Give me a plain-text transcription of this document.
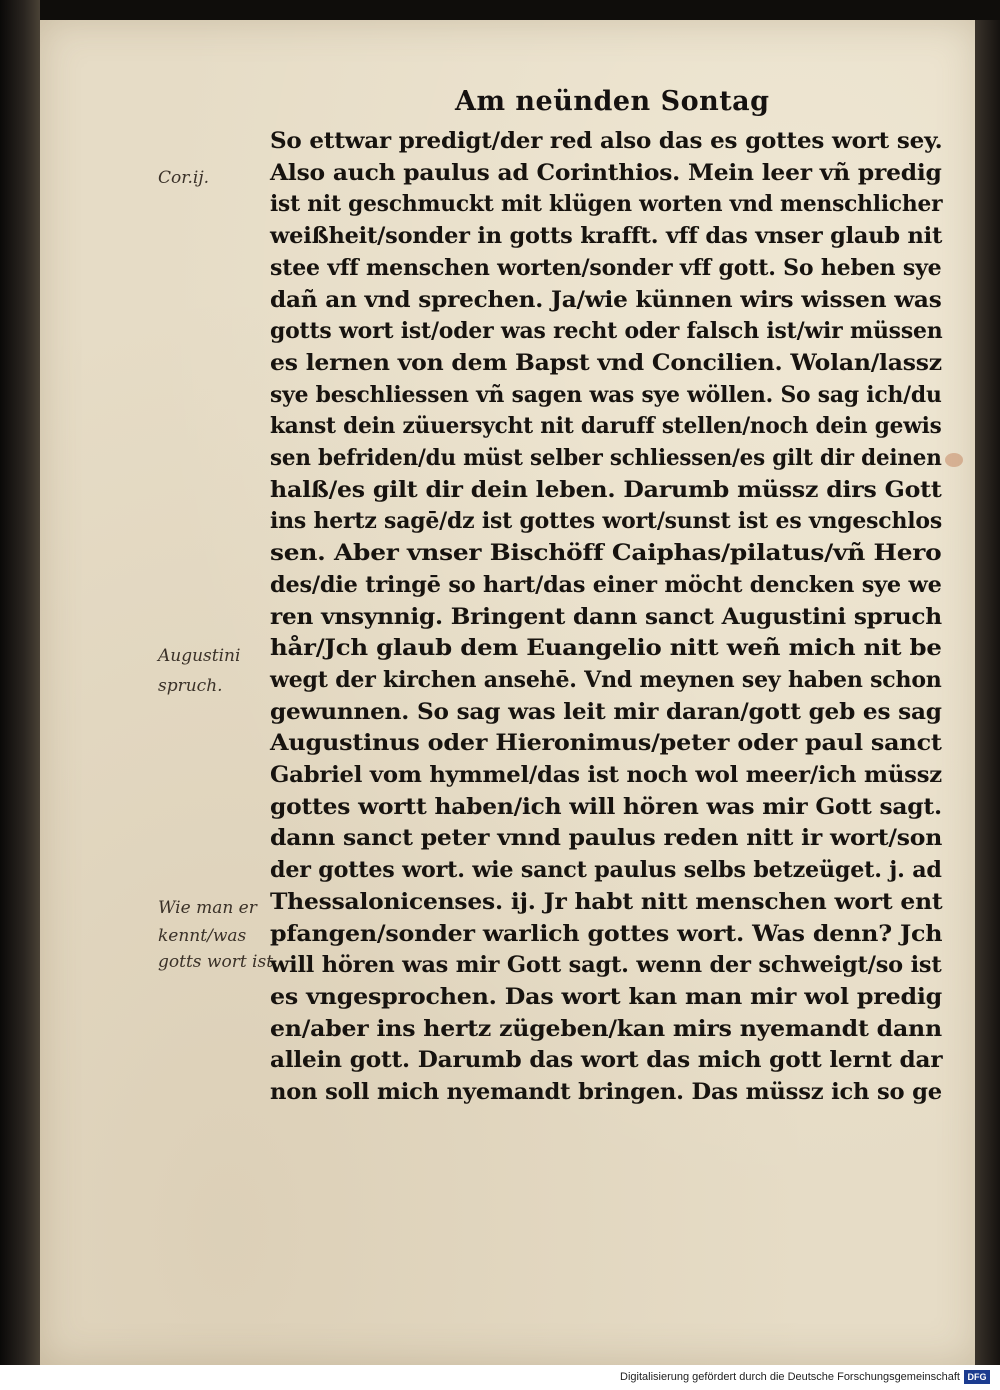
Am neünden Sontag
So ettwar predigt/der red also das es gottes wort sey.
Also auch paulus ad Corinthios. Mein leer vñ predig
ist nit geschmuckt mit klügen worten vnd menschlicher
weißheit/sonder in gotts krafft. vff das vnser glaub nit
stee vff menschen worten/sonder vff gott. So heben sye
dañ an vnd sprechen. Ja/wie künnen wirs wissen was
gotts wort ist/oder was recht oder falsch ist/wir müssen
es lernen von dem Bapst vnd Concilien. Wolan/lassz
sye beschliessen vñ sagen was sye wöllen. So sag ich/du
kanst dein züuersycht nit daruff stellen/noch dein gewis
sen befriden/du müst selber schliessen/es gilt dir deinen
halß/es gilt dir dein leben. Darumb müssz dirs Gott
ins hertz sagē/dz ist gottes wort/sunst ist es vngeschlos
sen. Aber vnser Bischöff Caiphas/pilatus/vñ Hero
des/die tringē so hart/das einer möcht dencken sye we
ren vnsynnig. Bringent dann sanct Augustini spruch
hår/Jch glaub dem Euangelio nitt weñ mich nit be
wegt der kirchen ansehē. Vnd meynen sey haben schon
gewunnen. So sag was leit mir daran/gott geb es sag
Augustinus oder Hieronimus/peter oder paul sanct
Gabriel vom hymmel/das ist noch wol meer/ich müssz
gottes wortt haben/ich will hören was mir Gott sagt.
dann sanct peter vnnd paulus reden nitt ir wort/son
der gottes wort. wie sanct paulus selbs betzeüget. j. ad
Thessalonicenses. ij. Jr habt nitt menschen wort ent
pfangen/sonder warlich gottes wort. Was denn? Jch
will hören was mir Gott sagt. wenn der schweigt/so ist
es vngesprochen. Das wort kan man mir wol predig
en/aber ins hertz zügeben/kan mirs nyemandt dann
allein gott. Darumb das wort das mich gott lernt dar
non soll mich nyemandt bringen. Das müssz ich so ge
Cor.ij.
Augustini
spruch.
Wie man er
kennt/was
gotts wort ist
Digitalisierung gefördert durch die Deutsche Forschungsgemeinschaft DFG
